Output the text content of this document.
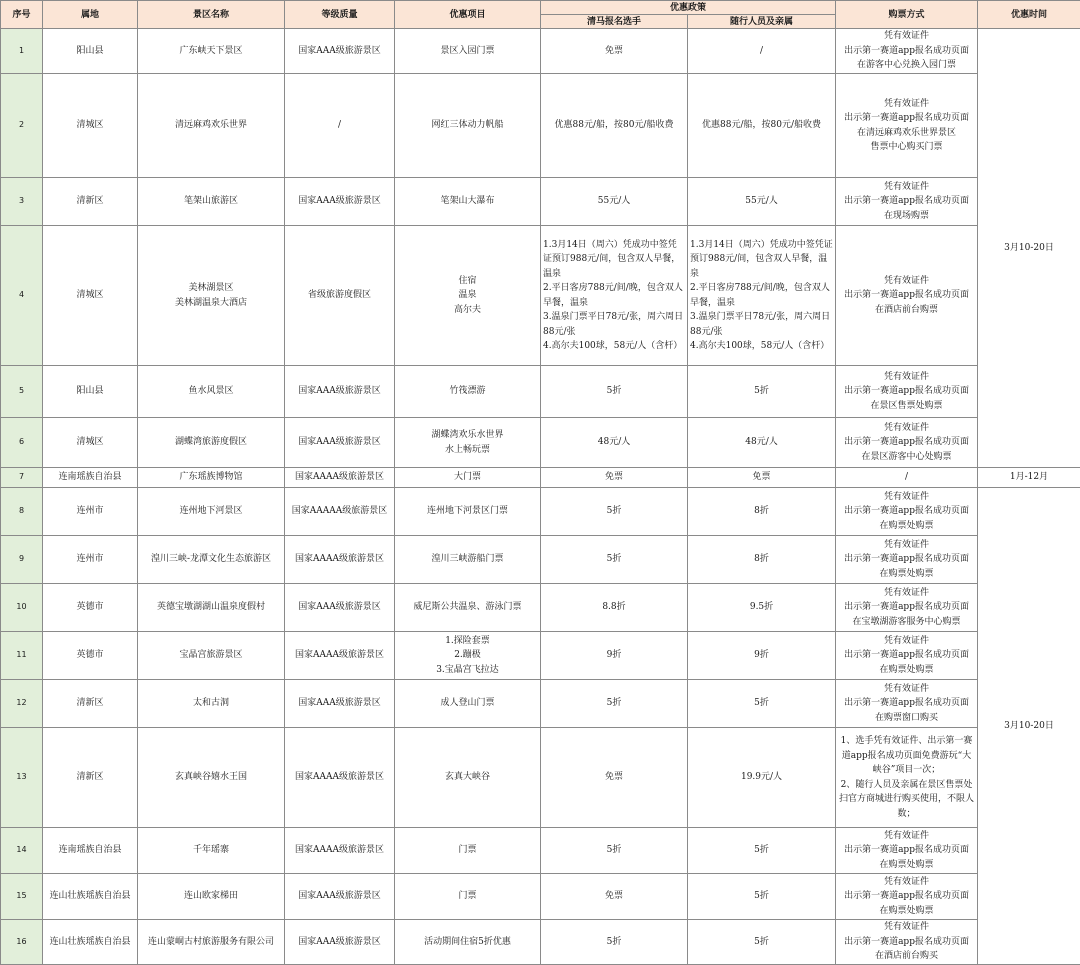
序号	属地	景区名称	等级质量	优惠项目	优惠政策		购票方式	优惠时间
					清马报名选手	随行人员及亲属		
1	阳山县	广东峡天下景区	国家AAA级旅游景区	景区入园门票	免票	/	凭有效证件
出示第一赛道app报名成功页面
在游客中心兑换入园门票	3月10-20日
2	清城区	清远麻鸡欢乐世界	/	网红三体动力帆船	优惠88元/船，按80元/船收费	优惠88元/船，按80元/船收费	凭有效证件
出示第一赛道app报名成功页面
在清远麻鸡欢乐世界景区
售票中心购买门票	
3	清新区	笔架山旅游区	国家AAA级旅游景区	笔架山大瀑布	55元/人	55元/人	凭有效证件
出示第一赛道app报名成功页面
在现场购票	
4	清城区	美林湖景区
美林湖温泉大酒店	省级旅游度假区	住宿
温泉
高尔夫	1.3月14日（周六）凭成功中签凭证预订988元/间，包含双人早餐，温泉
2.平日客房788元/间/晚，包含双人早餐，温泉
3.温泉门票平日78元/张，周六周日88元/张
4.高尔夫100球，58元/人（含杆）	1.3月14日（周六）凭成功中签凭证预订988元/间，包含双人早餐，温泉
2.平日客房788元/间/晚，包含双人早餐，温泉
3.温泉门票平日78元/张，周六周日88元/张
4.高尔夫100球，58元/人（含杆）	凭有效证件
出示第一赛道app报名成功页面
在酒店前台购票	
5	阳山县	鱼水风景区	国家AAA级旅游景区	竹筏漂游	5折	5折	凭有效证件
出示第一赛道app报名成功页面
在景区售票处购票	
6	清城区	湖蝶湾旅游度假区	国家AAA级旅游景区	湖蝶湾欢乐水世界
水上畅玩票	48元/人	48元/人	凭有效证件
出示第一赛道app报名成功页面
在景区游客中心处购票	
7	连南瑶族自治县	广东瑶族博物馆	国家AAAA级旅游景区	大门票	免票	免票	/	1月-12月
8	连州市	连州地下河景区	国家AAAAA级旅游景区	连州地下河景区门票	5折	8折	凭有效证件
出示第一赛道app报名成功页面
在购票处购票	3月10-20日
9	连州市	湟川三峡-龙潭文化生态旅游区	国家AAAA级旅游景区	湟川三峡游船门票	5折	8折	凭有效证件
出示第一赛道app报名成功页面
在购票处购票	
10	英德市	英德宝墩湖湖山温泉度假村	国家AAA级旅游景区	威尼斯公共温泉、游泳门票	8.8折	9.5折	凭有效证件
出示第一赛道app报名成功页面
在宝墩湖游客服务中心购票	
11	英德市	宝晶宫旅游景区	国家AAAA级旅游景区	1.探险套票
2.蹦极
3.宝晶宫飞拉达	9折	9折	凭有效证件
出示第一赛道app报名成功页面
在购票处购票	
12	清新区	太和古洞	国家AAA级旅游景区	成人登山门票	5折	5折	凭有效证件
出示第一赛道app报名成功页面
在购票窗口购买	
13	清新区	玄真峡谷嬉水王国	国家AAAA级旅游景区	玄真大峡谷	免票	19.9元/人	1、选手凭有效证件、出示第一赛道app报名成功页面免费游玩“大峡谷”项目一次；
2、随行人员及亲属在景区售票处扫官方商城进行购买使用，不限人数；	
14	连南瑶族自治县	千年瑶寨	国家AAAA级旅游景区	门票	5折	5折	凭有效证件
出示第一赛道app报名成功页面
在购票处购票	
15	连山壮族瑶族自治县	连山欧家梯田	国家AAA级旅游景区	门票	免票	5折	凭有效证件
出示第一赛道app报名成功页面
在购票处购票	
16	连山壮族瑶族自治县	连山蒙峒古村旅游服务有限公司	国家AAA级旅游景区	活动期间住宿5折优惠	5折	5折	凭有效证件
出示第一赛道app报名成功页面
在酒店前台购买	
